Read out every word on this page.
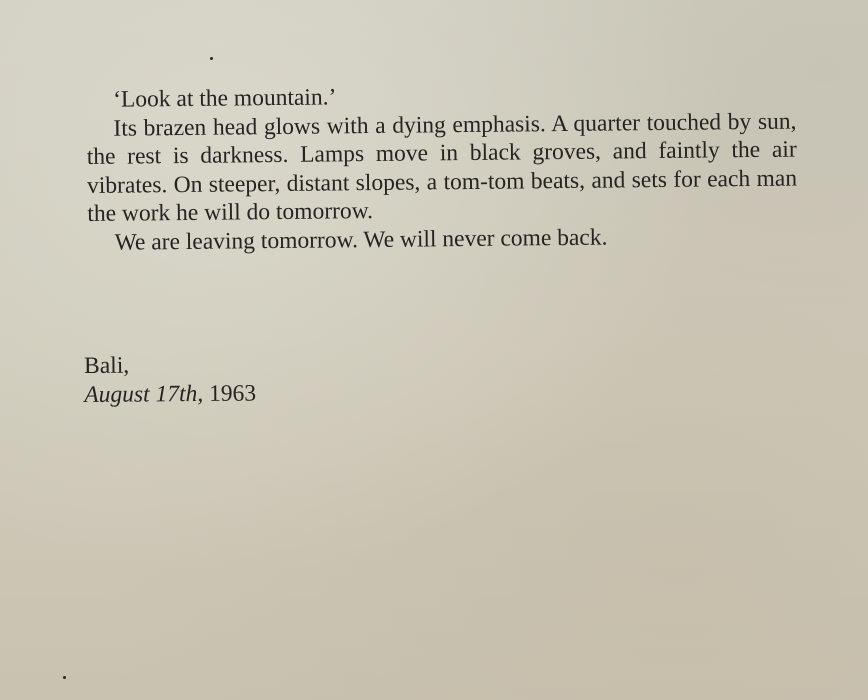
‘Look at the mountain.’

Its brazen head glows with a dying emphasis. A quarter touched by sun, the rest is darkness. Lamps move in black groves, and faintly the air vibrates. On steeper, distant slopes, a tom-tom beats, and sets for each man the work he will do tomorrow.

We are leaving tomorrow. We will never come back.

Bali,
August 17th, 1963
